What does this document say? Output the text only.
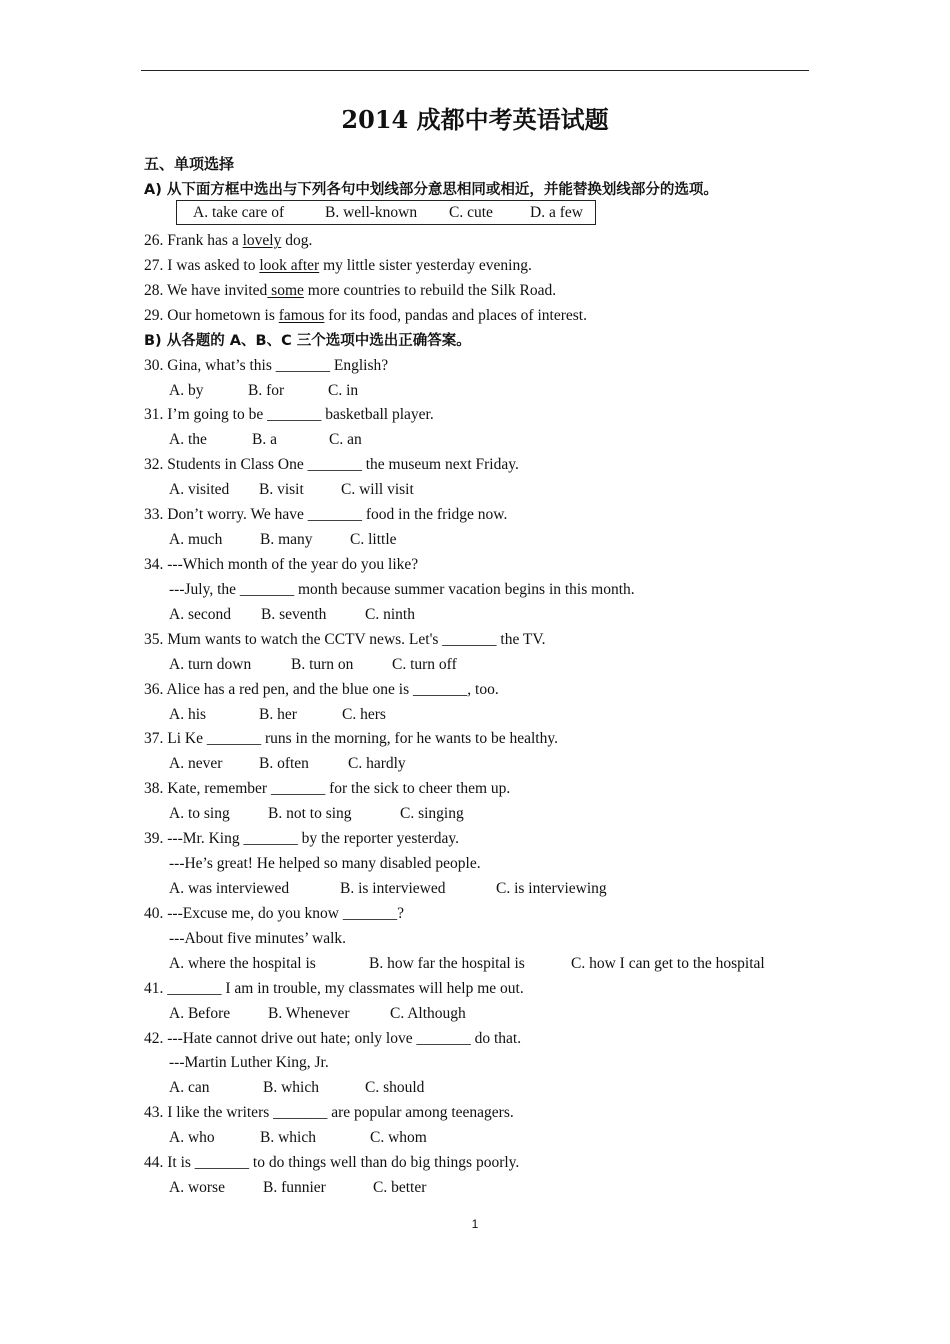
2014 成都中考英语试题
五、单项选择
A) 从下面方框中选出与下列各句中划线部分意思相同或相近，并能替换划线部分的选项。
A. take care of	B. well-known C. cute D. a few
26. Frank has a lovely dog.
27. I was asked to look after my little sister yesterday evening.
28. We have invited some more countries to rebuild the Silk Road.
29. Our hometown is famous for its food, pandas and places of interest.
B) 从各题的 A、B、C 三个选项中选出正确答案。
30. Gina, what’s this _______ English?
A. by	B. for	C. in
31. I’m going to be _______ basketball player.
A. the	B. a	C. an
32. Students in Class One _______ the museum next Friday.
A. visited B. visit C. will visit
33. Don’t worry. We have _______ food in the fridge now.
A. much B. many C. little
34. ---Which month of the year do you like?
---July, the _______ month because summer vacation begins in this month.
A. second B. seventh C. ninth
35. Mum wants to watch the CCTV news. Let's _______ the TV.
A. turn down	B. turn on C. turn off
36. Alice has a red pen, and the blue one is _______, too.
A. his	B. her	C. hers
37. Li Ke _______ runs in the morning, for he wants to be healthy.
A. never B. often	C. hardly
38. Kate, remember _______ for the sick to cheer them up.
A. to sing B. not to sing	C. singing
39. ---Mr. King _______ by the reporter yesterday.
---He’s great! He helped so many disabled people.
A. was interviewed	B. is interviewed	C. is interviewing
40. ---Excuse me, do you know _______?
---About five minutes’ walk.
A. where the hospital is	B. how far the hospital is	C. how I can get to the hospital
41. _______ I am in trouble, my classmates will help me out.
A. Before B. Whenever	C. Although
42. ---Hate cannot drive out hate; only love _______ do that.
---Martin Luther King, Jr.
A. can	B. which	C. should
43. I like the writers _______ are popular among teenagers.
A. who	B. which	C. whom
44. It is _______ to do things well than do big things poorly.
A. worse B. funnier	C. better
1
